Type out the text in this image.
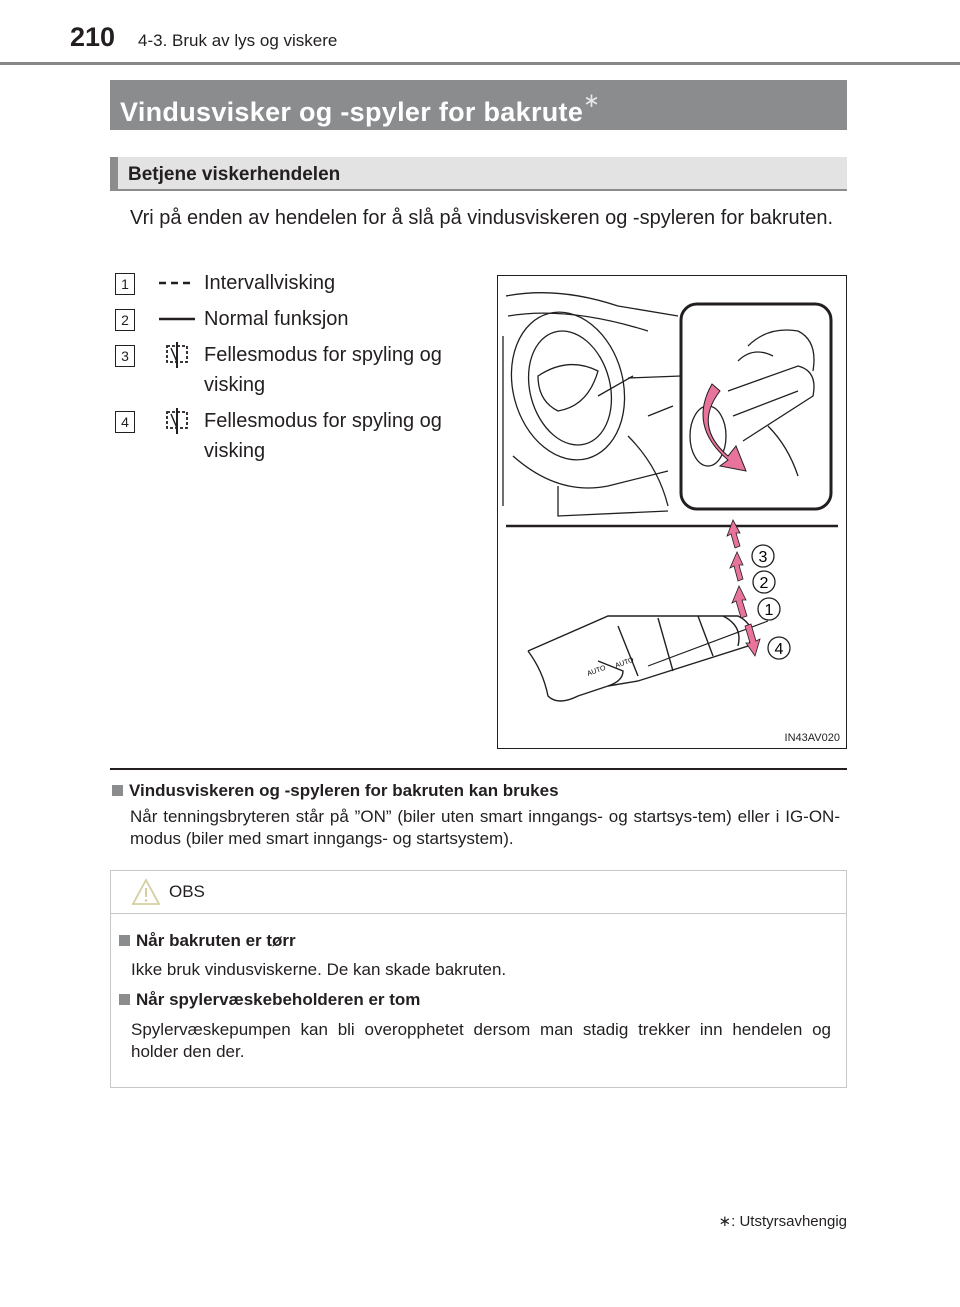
210 4-3. Bruk av lys og viskere
Vindusvisker og -spyler for bakrute∗
Betjene viskerhendelen
Vri på enden av hendelen for å slå på vindusviskeren og -spyleren for bakruten.
1	Intervallvisking
2	Normal funksjon
3	Fellesmodus for spyling og visking
4	Fellesmodus for spyling og visking
AUTO
AUTO
3
2
1
4
IN43AV020
Vindusviskeren og -spyleren for bakruten kan brukes
Når tenningsbryteren står på ”ON” (biler uten smart inngangs- og startsys-tem) eller i IG-ON-modus (biler med smart inngangs- og startsystem).
OBS
Når bakruten er tørr
Ikke bruk vindusviskerne. De kan skade bakruten.
Når spylervæskebeholderen er tom
Spylervæskepumpen kan bli overopphetet dersom man stadig trekker inn hendelen og holder den der.
∗: Utstyrsavhengig
